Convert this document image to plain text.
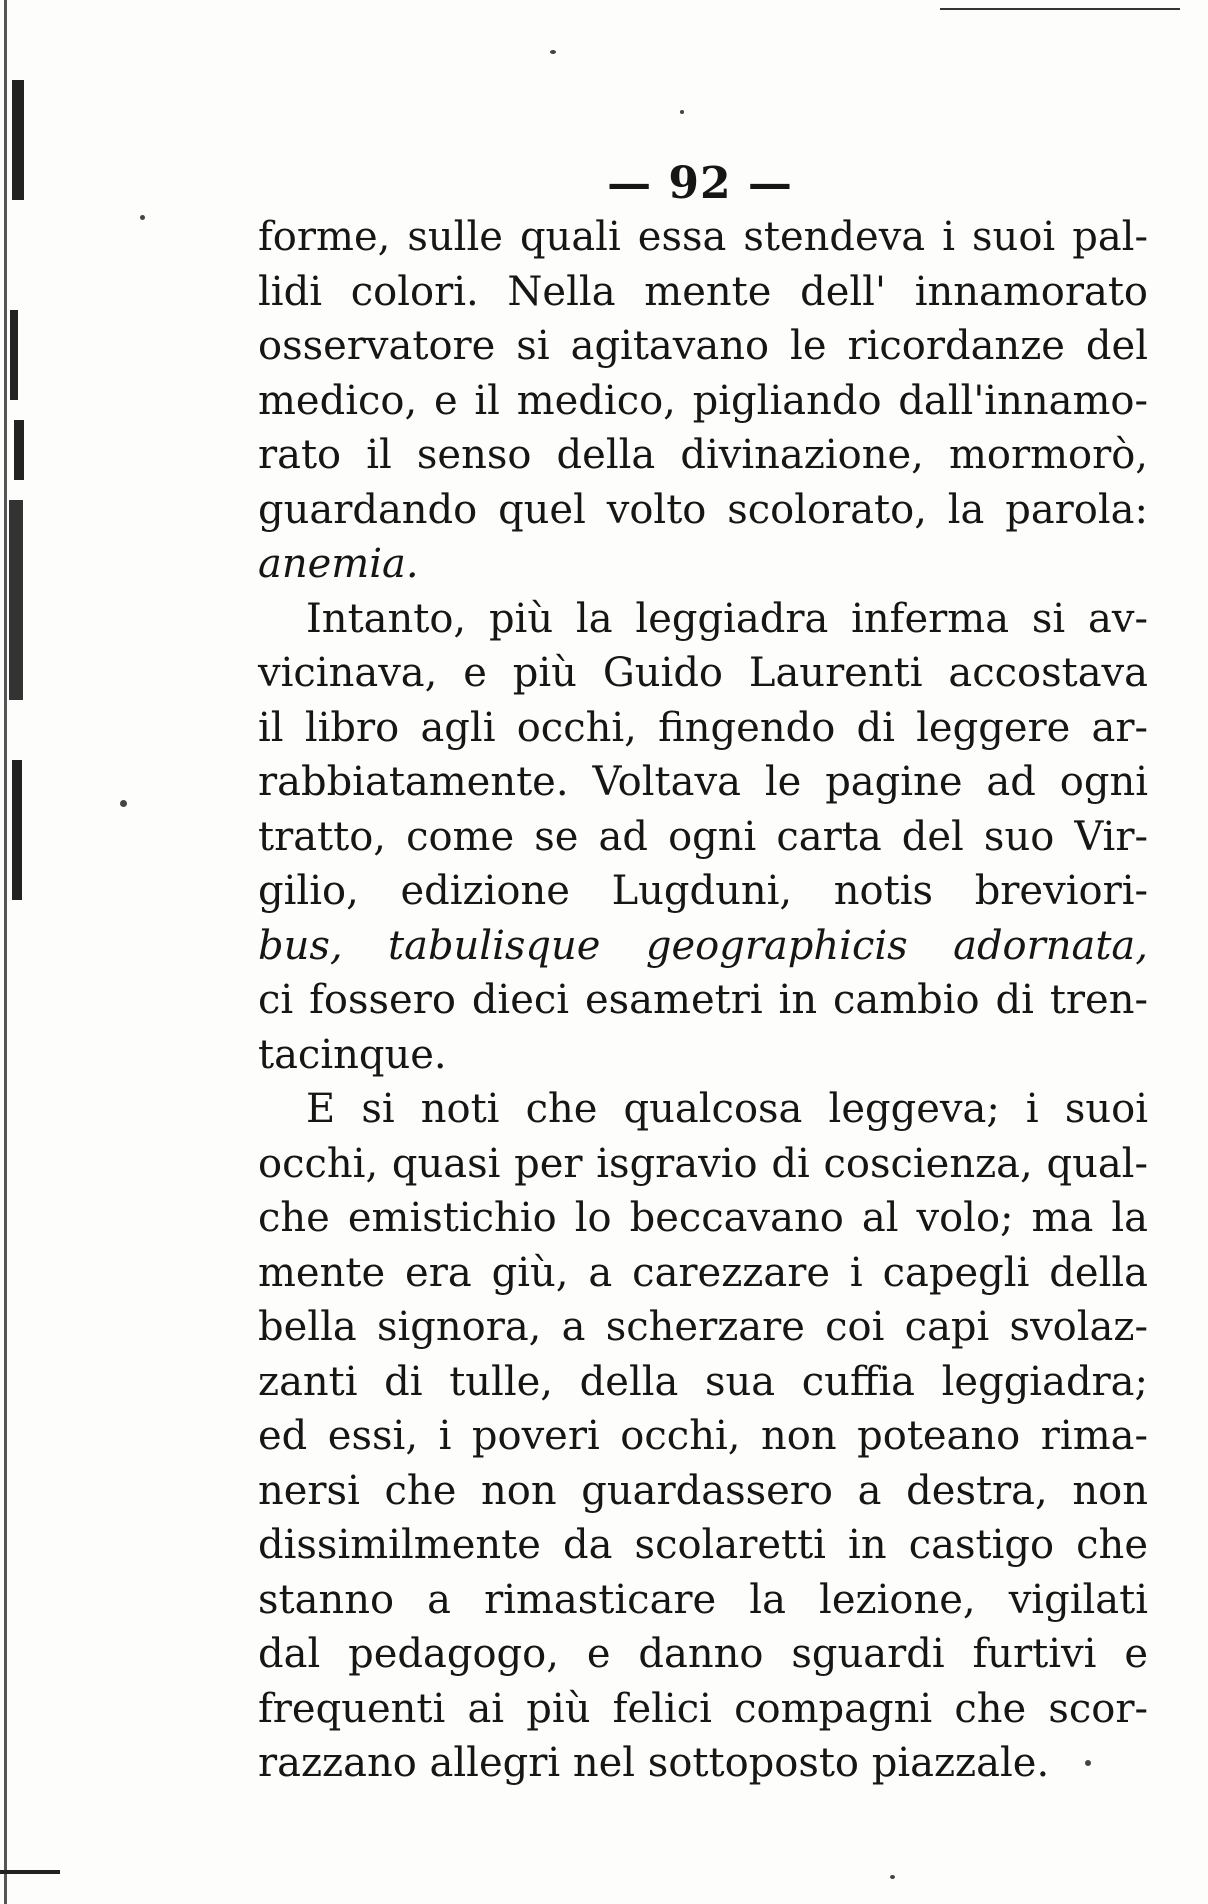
— 92 —
forme, sulle quali essa stendeva i suoi pal-
lidi colori. Nella mente dell' innamorato
osservatore si agitavano le ricordanze del
medico, e il medico, pigliando dall'innamo-
rato il senso della divinazione, mormorò,
guardando quel volto scolorato, la parola:
anemia.
Intanto, più la leggiadra inferma si av-
vicinava, e più Guido Laurenti accostava
il libro agli occhi, fingendo di leggere ar-
rabbiatamente. Voltava le pagine ad ogni
tratto, come se ad ogni carta del suo Vir-
gilio, edizione Lugduni, notis breviori-
bus, tabulisque geographicis adornata,
ci fossero dieci esametri in cambio di tren-
tacinque.
E si noti che qualcosa leggeva; i suoi
occhi, quasi per isgravio di coscienza, qual-
che emistichio lo beccavano al volo; ma la
mente era giù, a carezzare i capegli della
bella signora, a scherzare coi capi svolaz-
zanti di tulle, della sua cuffia leggiadra;
ed essi, i poveri occhi, non poteano rima-
nersi che non guardassero a destra, non
dissimilmente da scolaretti in castigo che
stanno a rimasticare la lezione, vigilati
dal pedagogo, e danno sguardi furtivi e
frequenti ai più felici compagni che scor-
razzano allegri nel sottoposto piazzale.
